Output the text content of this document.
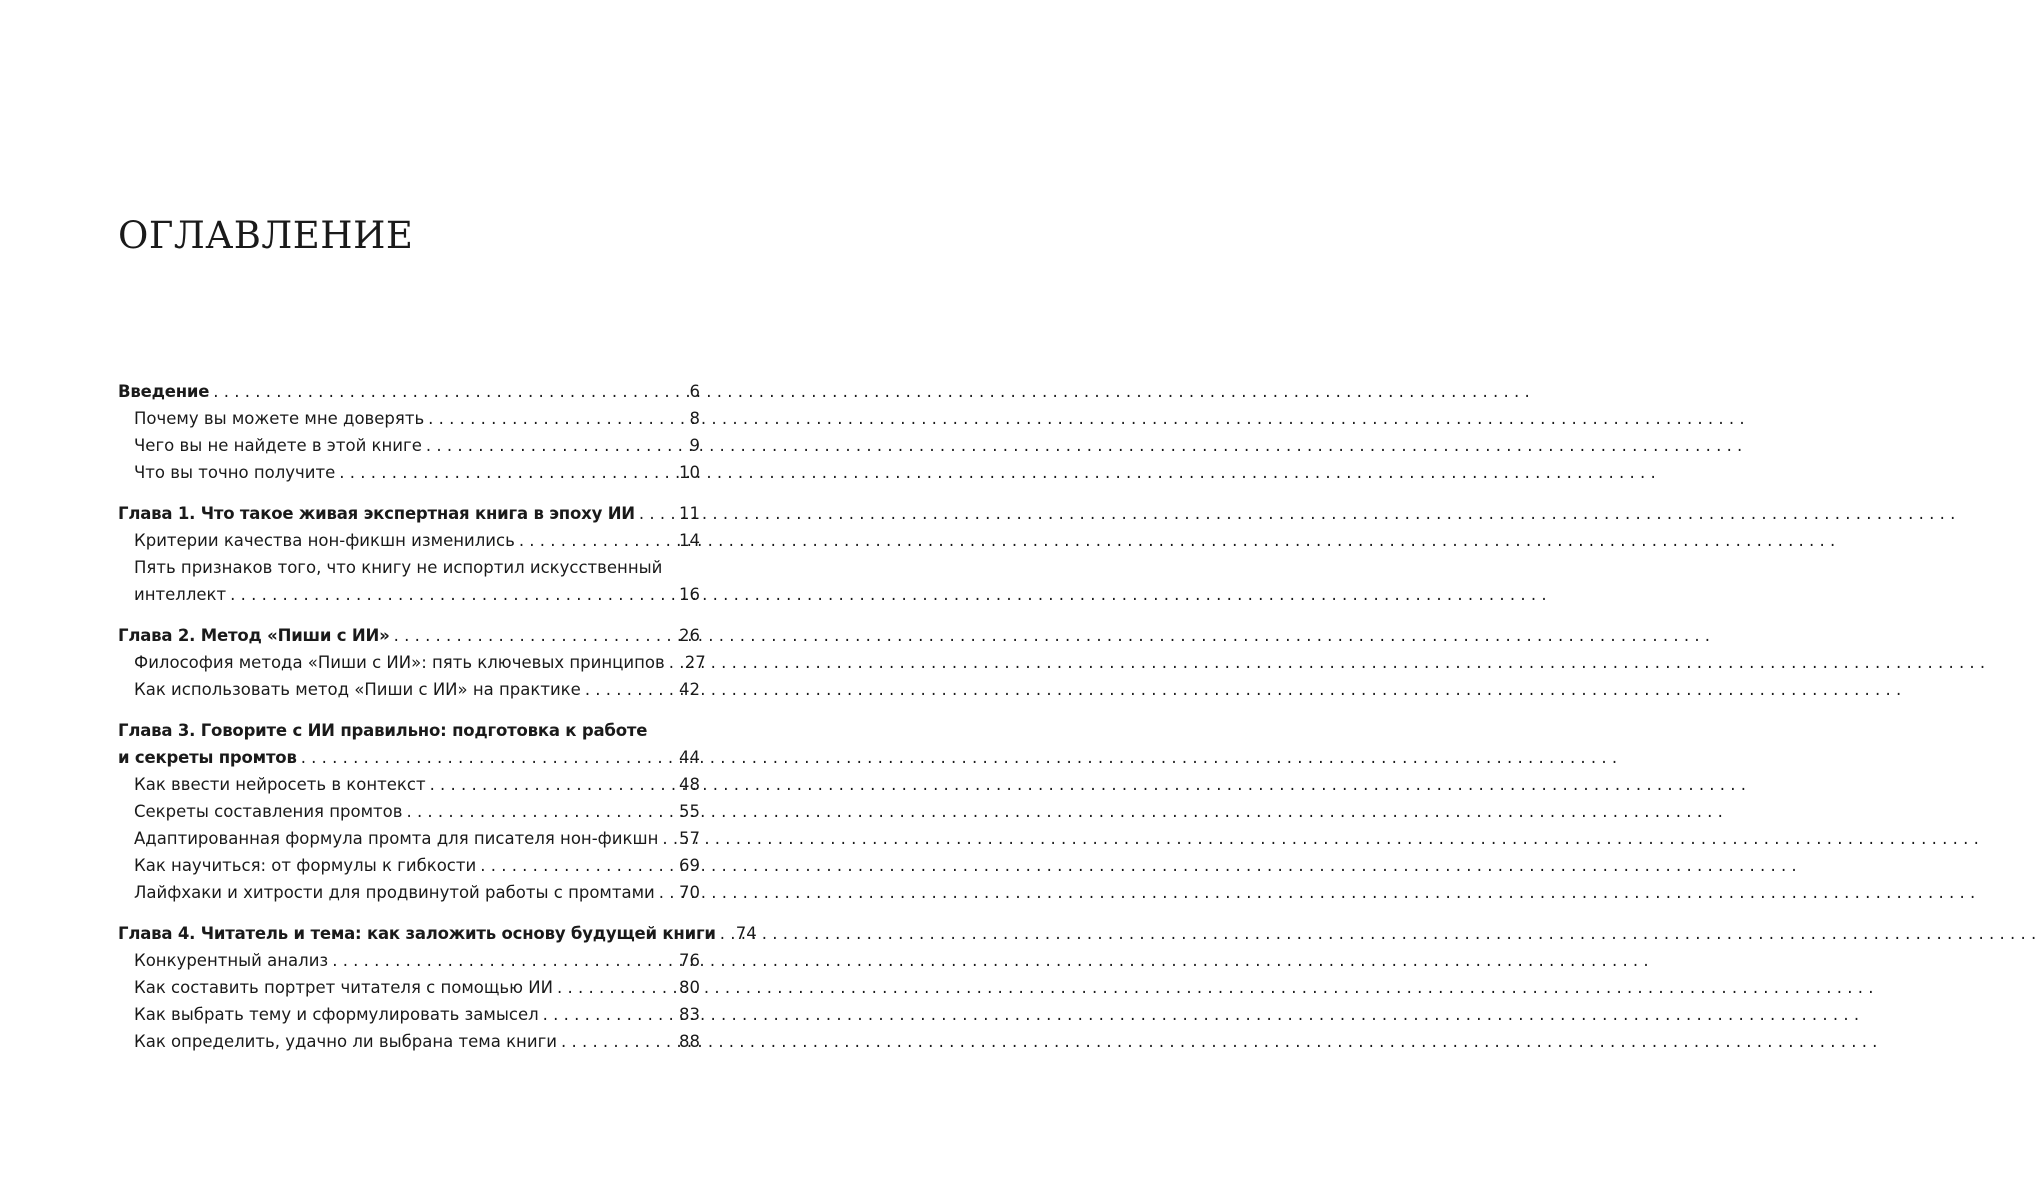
ОГЛАВЛЕНИЕ
Введение . . .	6
Почему вы можете мне доверять . . .	8
Чего вы не найдете в этой книге . . .	9
Что вы точно получите . . .	10
Глава 1. Что такое живая экспертная книга в эпоху ИИ . . .	11
Критерии качества нон-фикшн изменились . . .	14
Пять признаков того, что книгу не испортил искусственный
интеллект . . .	16
Глава 2. Метод «Пиши с ИИ» . . .	26
Философия метода «Пиши с ИИ»: пять ключевых принципов . . . 27
Как использовать метод «Пиши с ИИ» на практике . . .	42
Глава 3. Говорите с ИИ правильно: подготовка к работе
и секреты промтов . . .	44
Как ввести нейросеть в контекст . . .	48
Секреты составления промтов . . .	55
Адаптированная формула промта для писателя нон-фикшн . . . 57
Как научиться: от формулы к гибкости . . .	69
Лайфхаки и хитрости для продвинутой работы с промтами . . . 70
Глава 4. Читатель и тема: как заложить основу будущей книги . . . 74
Конкурентный анализ . . .	76
Как составить портрет читателя с помощью ИИ . . .	80
Как выбрать тему и сформулировать замысел . . .	83
Как определить, удачно ли выбрана тема книги . . .	88
